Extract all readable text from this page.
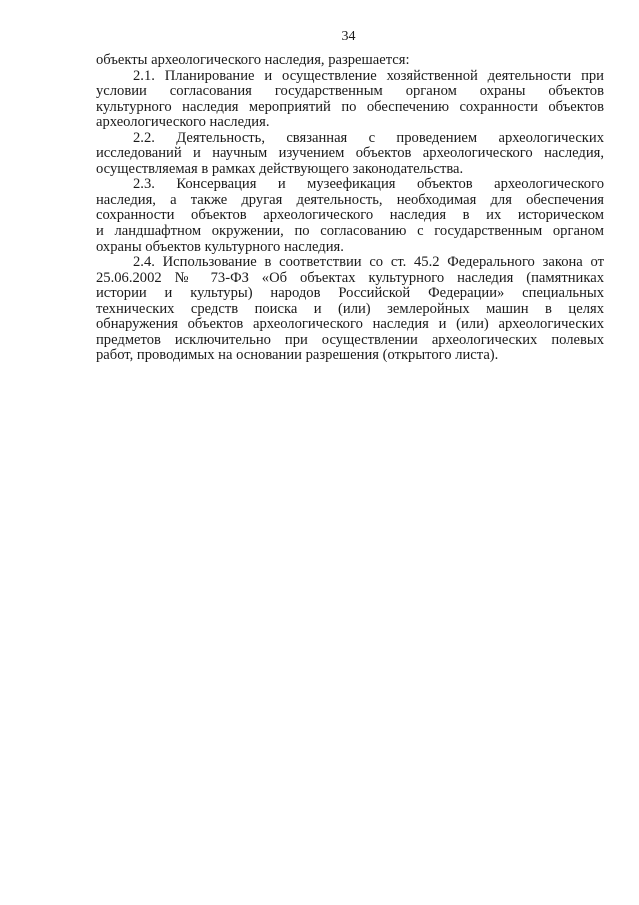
34
объекты археологического наследия, разрешается:
2.1. Планирование и осуществление хозяйственной деятельности при
условии согласования государственным органом охраны объектов
культурного наследия мероприятий по обеспечению сохранности объектов
археологического наследия.
2.2. Деятельность, связанная с проведением археологических
исследований и научным изучением объектов археологического наследия,
осуществляемая в рамках действующего законодательства.
2.3. Консервация и музеефикация объектов археологического
наследия, а также другая деятельность, необходимая для обеспечения
сохранности объектов археологического наследия в их историческом
и ландшафтном окружении, по согласованию с государственным органом
охраны объектов культурного наследия.
2.4. Использование в соответствии со ст. 45.2 Федерального закона от
25.06.2002 № 73-ФЗ «Об объектах культурного наследия (памятниках
истории и культуры) народов Российской Федерации» специальных
технических средств поиска и (или) землеройных машин в целях
обнаружения объектов археологического наследия и (или) археологических
предметов исключительно при осуществлении археологических полевых
работ, проводимых на основании разрешения (открытого листа).
